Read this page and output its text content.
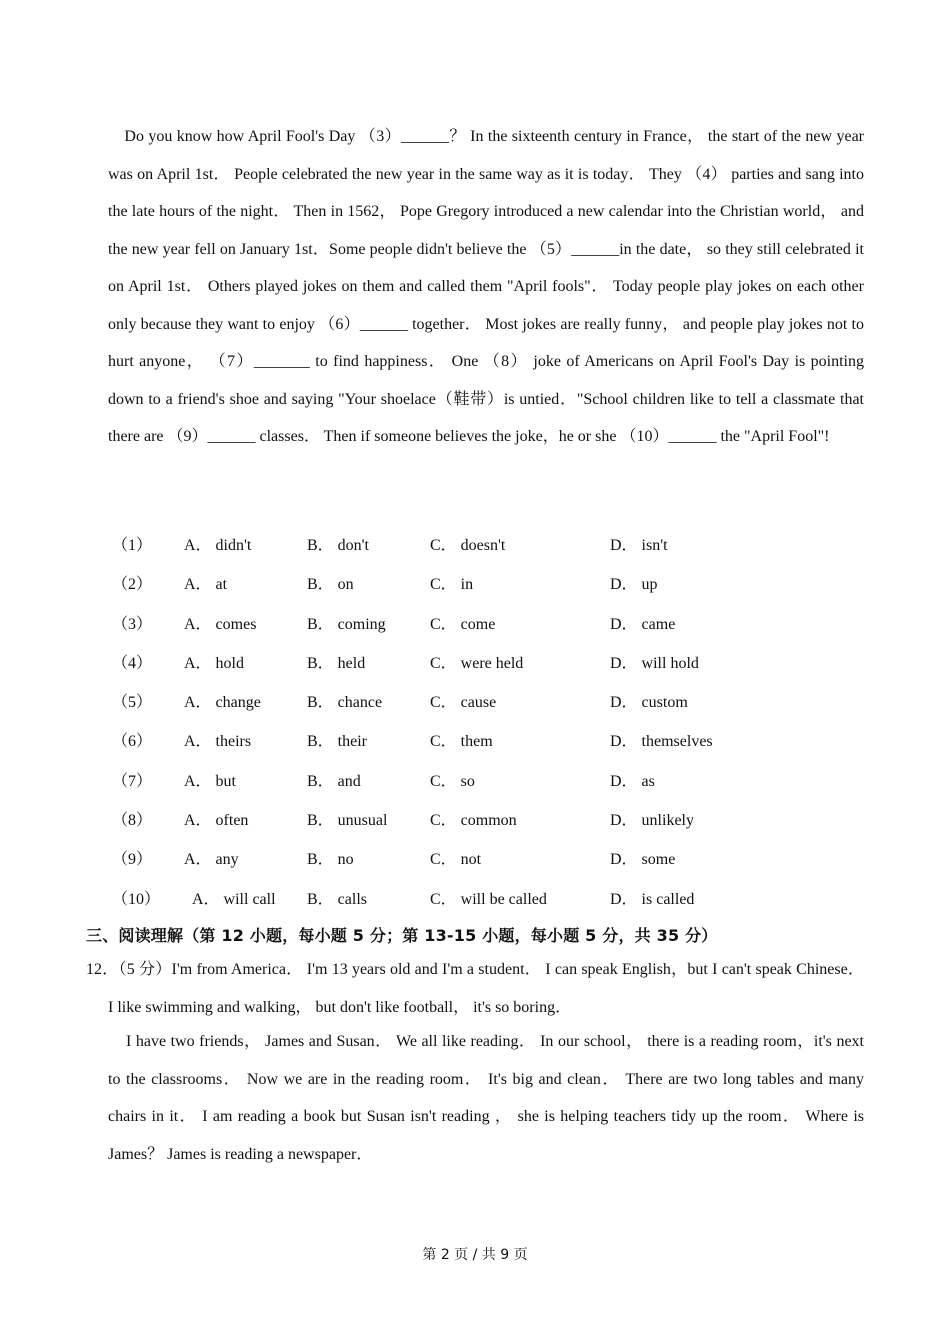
　Do you know how April Fool's Day （3）______？ In the sixteenth century in France， the start of the new year was on April 1st． People celebrated the new year in the same way as it is today． They （4） parties and sang into the late hours of the night． Then in 1562， Pope Gregory introduced a new calendar into the Christian world， and the new year fell on January 1st．Some people didn't believe the （5）______in the date， so they still celebrated it on April 1st． Others played jokes on them and called them "April fools"． Today people play jokes on each other only because they want to enjoy （6）______ together． Most jokes are really funny， and people play jokes not to hurt anyone， （7）_______ to find happiness． One （8） joke of Americans on April Fool's Day is pointing down to a friend's shoe and saying "Your shoelace（鞋带）is untied．"School children like to tell a classmate that there are （9）______ classes． Then if someone believes the joke，he or she （10）______ the "April Fool"!
（1） A． didn't	B． don't	C． doesn't	D． isn't
（2） A． at	B． on	C． in	D． up
（3） A． comes	B． coming	C． come	D． came
（4） A． hold	B． held	C． were held	D． will hold
（5） A． change	B． chance	C． cause	D． custom
（6） A． theirs	B． their	C． them	D． themselves
（7） A． but	B． and	C． so	D． as
（8） A． often	B． unusual	C． common	D． unlikely
（9） A． any	B． no	C． not	D． some
（10） A． will call B． calls	C． will be called	D． is called
三、阅读理解（第 12 小题，每小题 5 分；第 13-15 小题，每小题 5 分，共 35 分）

12．（5 分）I'm from America． I'm 13 years old and I'm a student． I can speak English，but I can't speak Chinese． I like swimming and walking， but don't like football， it's so boring．

I have two friends， James and Susan． We all like reading． In our school， there is a reading room，it's next to the classrooms． Now we are in the reading room． It's big and clean． There are two long tables and many chairs in it． I am reading a book but Susan isn't reading ， she is helping teachers tidy up the room． Where is James？ James is reading a newspaper．

第 2 页 / 共 9 页
